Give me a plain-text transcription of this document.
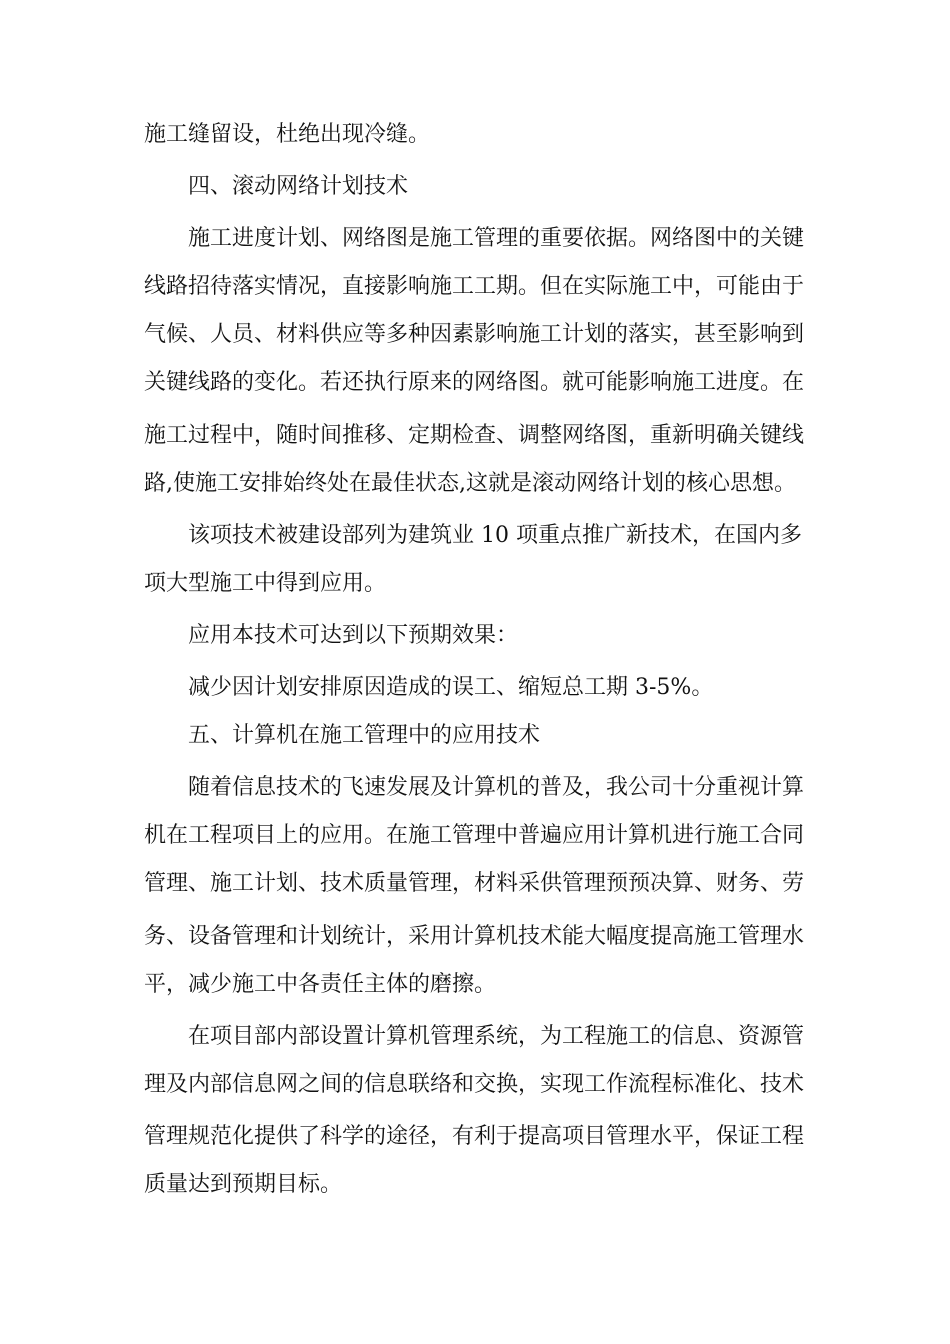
施工缝留设，杜绝出现冷缝。
四、滚动网络计划技术
施工进度计划、网络图是施工管理的重要依据。网络图中的关键
线路招待落实情况，直接影响施工工期。但在实际施工中，可能由于
气候、人员、材料供应等多种因素影响施工计划的落实，甚至影响到
关键线路的变化。若还执行原来的网络图。就可能影响施工进度。在
施工过程中，随时间推移、定期检查、调整网络图，重新明确关键线
路,使施工安排始终处在最佳状态,这就是滚动网络计划的核心思想。
该项技术被建设部列为建筑业 10 项重点推广新技术，在国内多
项大型施工中得到应用。
应用本技术可达到以下预期效果：
减少因计划安排原因造成的误工、缩短总工期 3-5%。
五、计算机在施工管理中的应用技术
随着信息技术的飞速发展及计算机的普及，我公司十分重视计算
机在工程项目上的应用。在施工管理中普遍应用计算机进行施工合同
管理、施工计划、技术质量管理，材料采供管理预预决算、财务、劳
务、设备管理和计划统计，采用计算机技术能大幅度提高施工管理水
平，减少施工中各责任主体的磨擦。
在项目部内部设置计算机管理系统，为工程施工的信息、资源管
理及内部信息网之间的信息联络和交换，实现工作流程标准化、技术
管理规范化提供了科学的途径，有利于提高项目管理水平，保证工程
质量达到预期目标。
